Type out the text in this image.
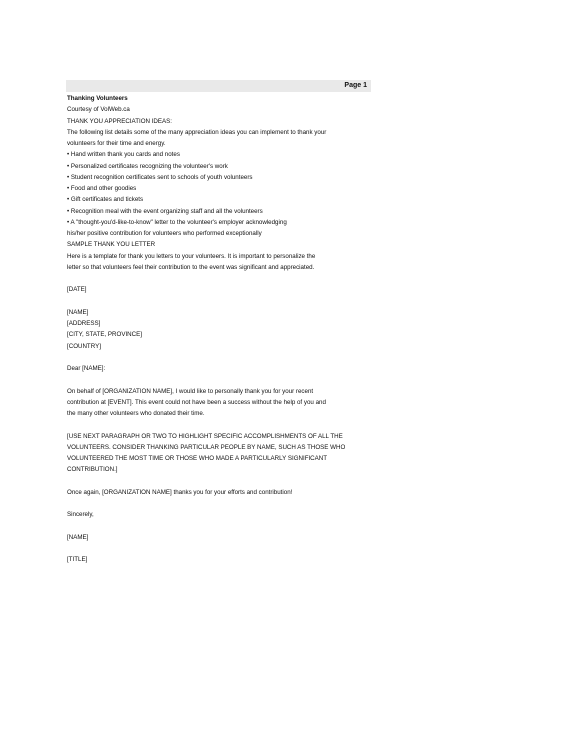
Page 1
Thanking Volunteers
Courtesy of VolWeb.ca
THANK YOU APPRECIATION IDEAS:
The following list details some of the many appreciation ideas you can implement to thank your
volunteers for their time and energy.
• Hand written thank you cards and notes
• Personalized certificates recognizing the volunteer's work
• Student recognition certificates sent to schools of youth volunteers
• Food and other goodies
• Gift certificates and tickets
• Recognition meal with the event organizing staff and all the volunteers
• A "thought-you'd-like-to-know" letter to the volunteer's employer acknowledging
his/her positive contribution for volunteers who performed exceptionally
SAMPLE THANK YOU LETTER
Here is a template for thank you letters to your volunteers. It is important to personalize the
letter so that volunteers feel their contribution to the event was significant and appreciated.
[DATE]
[NAME]
[ADDRESS]
[CITY, STATE, PROVINCE]
[COUNTRY]
Dear [NAME]:
On behalf of [ORGANIZATION NAME], I would like to personally thank you for your recent
contribution at [EVENT]. This event could not have been a success without the help of you and
the many other volunteers who donated their time.
[USE NEXT PARAGRAPH OR TWO TO HIGHLIGHT SPECIFIC ACCOMPLISHMENTS OF ALL THE
VOLUNTEERS. CONSIDER THANKING PARTICULAR PEOPLE BY NAME, SUCH AS THOSE WHO
VOLUNTEERED THE MOST TIME OR THOSE WHO MADE A PARTICULARLY SIGNIFICANT
CONTRIBUTION.]
Once again, [ORGANIZATION NAME] thanks you for your efforts and contribution!
Sincerely,
[NAME]
[TITLE]
